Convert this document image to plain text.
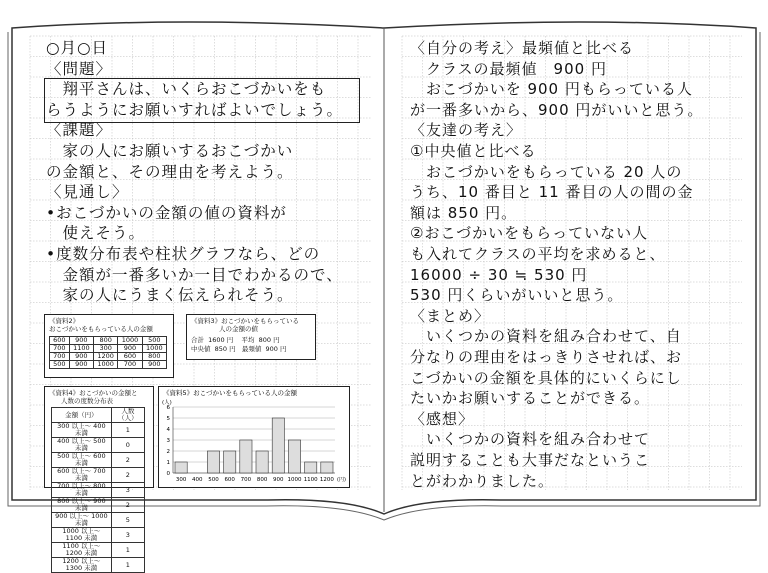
○月○日
〈問題〉
　翔平さんは、いくらおこづかいをも
らうようにお願いすればよいでしょう。
〈課題〉
　家の人にお願いするおこづかい
の金額と、その理由を考えよう。
〈見通し〉
•おこづかいの金額の値の資料が
　使えそう。
•度数分布表や柱状グラフなら、どの
　金額が一番多いか一目でわかるので、
　家の人にうまく伝えられそう。
〈自分の考え〉最頻値と比べる
　クラスの最頻値　900 円
　おこづかいを 900 円もらっている人
が一番多いから、900 円がいいと思う。
〈友達の考え〉
①中央値と比べる
　おこづかいをもらっている 20 人の
うち、10 番目と 11 番目の人の間の金
額は 850 円。
②おこづかいをもらっていない人
も入れてクラスの平均を求めると、
16000 ÷ 30 ≒ 530 円
530 円くらいがいいと思う。
〈まとめ〉
　いくつかの資料を組み合わせて、自
分なりの理由をはっきりさせれば、お
こづかいの金額を具体的にいくらにし
たいかお願いすることができる。
〈感想〉
　いくつかの資料を組み合わせて
説明することも大事だなというこ
とがわかりました。
《資料2》
おこづかいをもらっている人の金額
600	900	800	1000	500
700	1100	300	900	1000
700	900	1200	600	800
500	900	1000	700	900
《資料3》おこづかいをもらっている
人の金額の値
合計 1600 円 平均 800 円
中央値 850 円 最頻値 900 円
《資料4》おこづかいの金額と
人数の度数分布表
金額（円）	人数（人）
300 以上〜 400 未満	1
400 以上〜 500 未満	0
500 以上〜 600 未満	2
600 以上〜 700 未満	2
700 以上〜 800 未満	3
800 以上〜 900 未満	2
900 以上〜 1000 未満	5
1000 以上〜 1100 未満	3
1100 以上〜 1200 未満	1
1200 以上〜 1300 未満	1
《資料5》おこづかいをもらっている人の金額
(人)
0
1
2
3
4
5
6
300 400 500 600 700 800 900 1000 1100 1200 (円)
